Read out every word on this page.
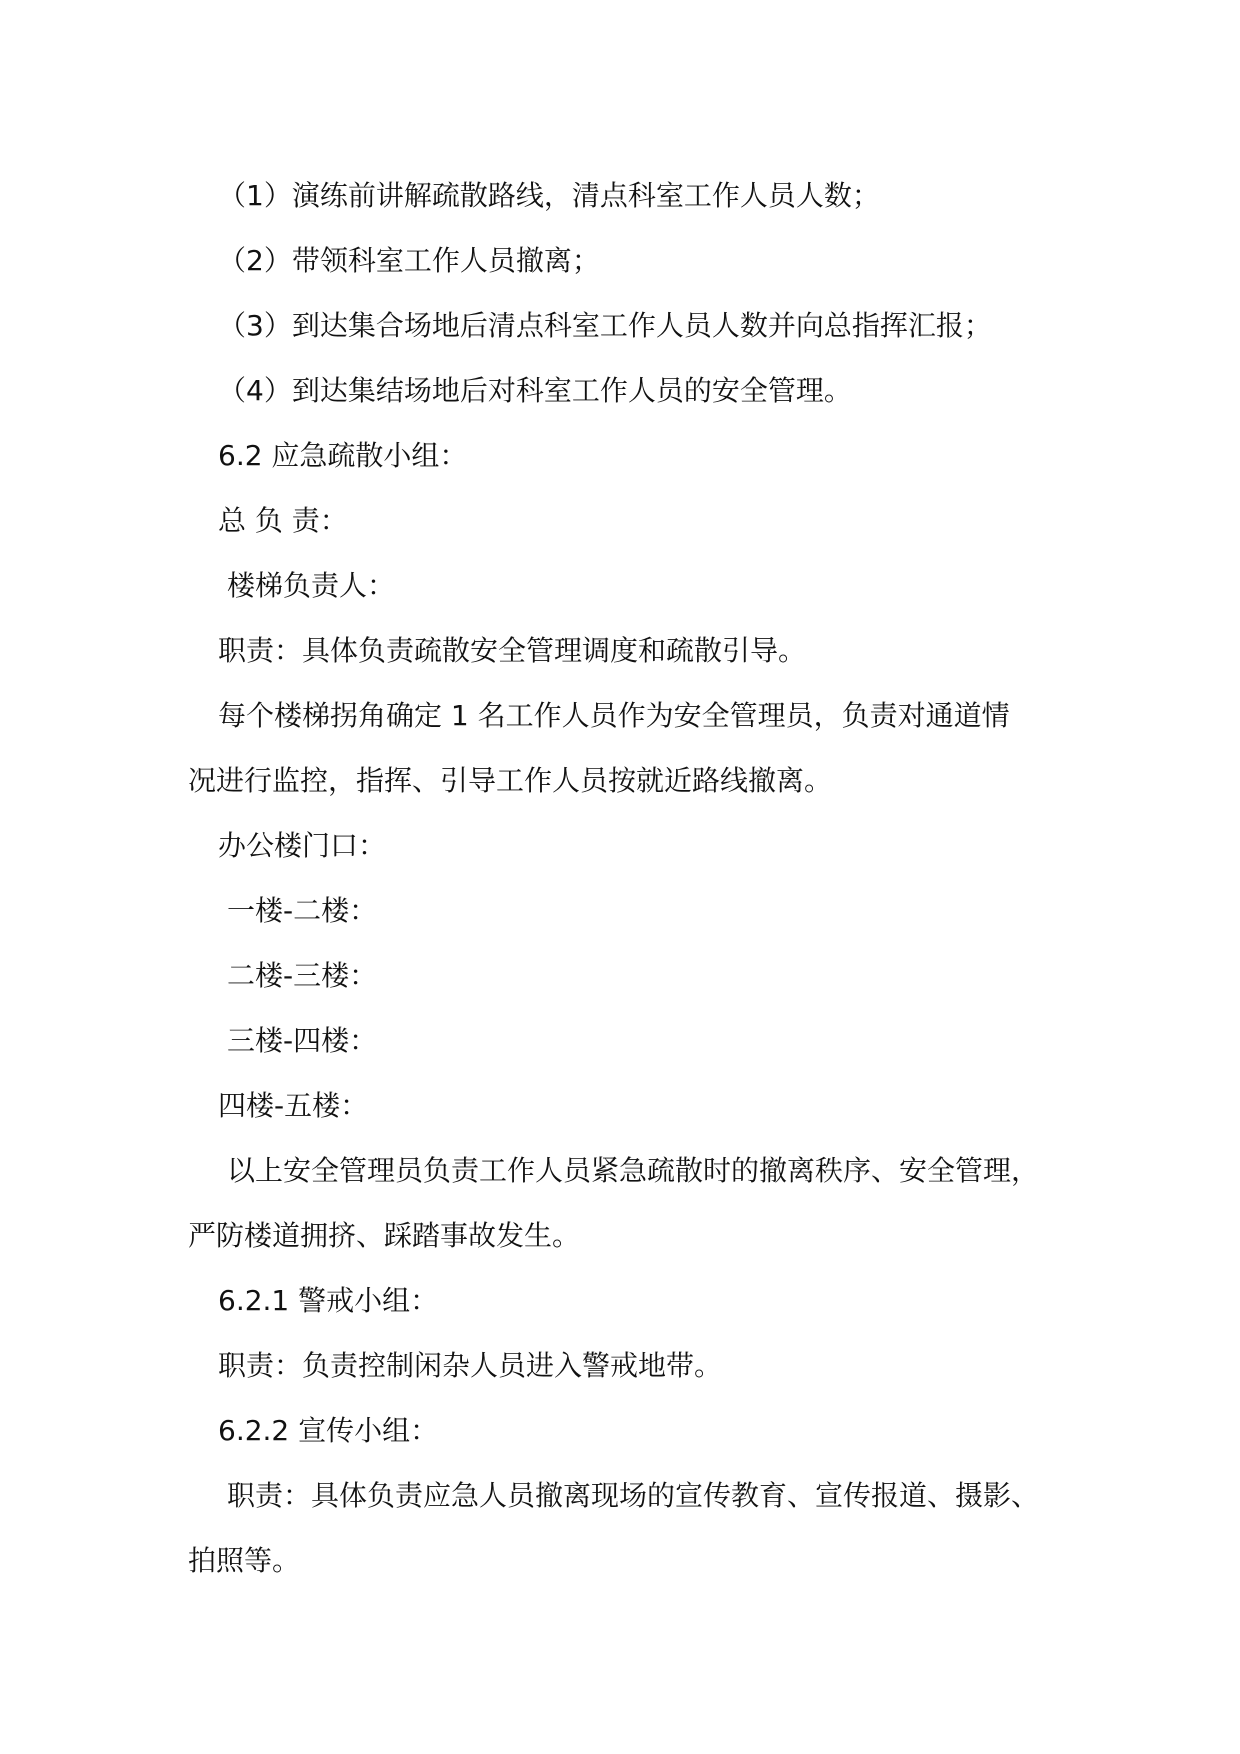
（1）演练前讲解疏散路线，清点科室工作人员人数；
（2）带领科室工作人员撤离；
（3）到达集合场地后清点科室工作人员人数并向总指挥汇报；
（4）到达集结场地后对科室工作人员的安全管理。
6.2 应急疏散小组：
总 负 责：
楼梯负责人：
职责：具体负责疏散安全管理调度和疏散引导。
每个楼梯拐角确定 1 名工作人员作为安全管理员，负责对通道情
况进行监控，指挥、引导工作人员按就近路线撤离。
办公楼门口：
一楼-二楼：
二楼-三楼：
三楼-四楼：
四楼-五楼：
以上安全管理员负责工作人员紧急疏散时的撤离秩序、安全管理，
严防楼道拥挤、踩踏事故发生。
6.2.1 警戒小组：
职责：负责控制闲杂人员进入警戒地带。
6.2.2 宣传小组：
职责：具体负责应急人员撤离现场的宣传教育、宣传报道、摄影、
拍照等。
